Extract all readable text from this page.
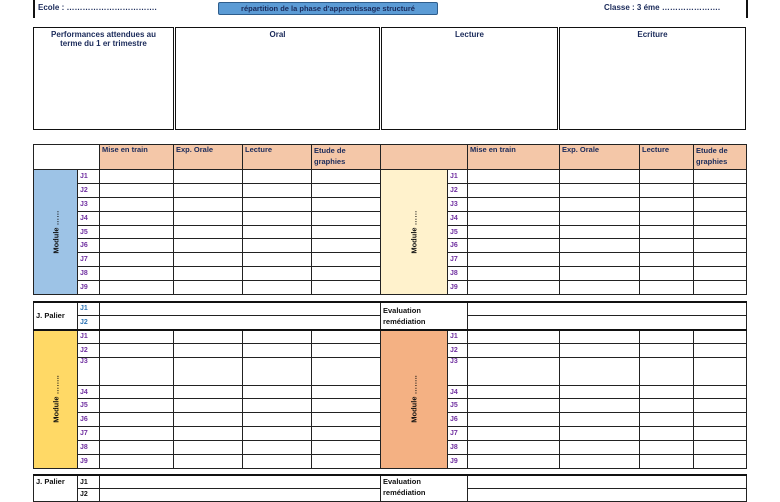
Ecole : …………………………….	répartition de la phase d'apprentissage structuré	Classe : 3 éme ………………….
Performances attendues au terme du 1 er trimestre
Oral	Lecture	Ecriture
		Mise en train	Exp. Orale	Lecture	Etude de graphies			Mise en train	Exp. Orale	Lecture	Etude de graphies

Module ……	J1					Module ……	J1				
	J2						J2				
	J3						J3				
	J4						J4				
	J5						J5				
	J6						J6				
	J7						J7				
	J8						J8				
	J9						J9				

J. Palier	J1					Evaluation remédiation					
	J2										

Module ……..	J1					Module ……..	J1				
	J2						J2				
	J3						J3				

	J4						J4				
	J5						J5				
	J6						J6				
	J7						J7				
	J8						J8				
	J9						J9				

J. Palier	J1					Evaluation remédiation					
	J2										
